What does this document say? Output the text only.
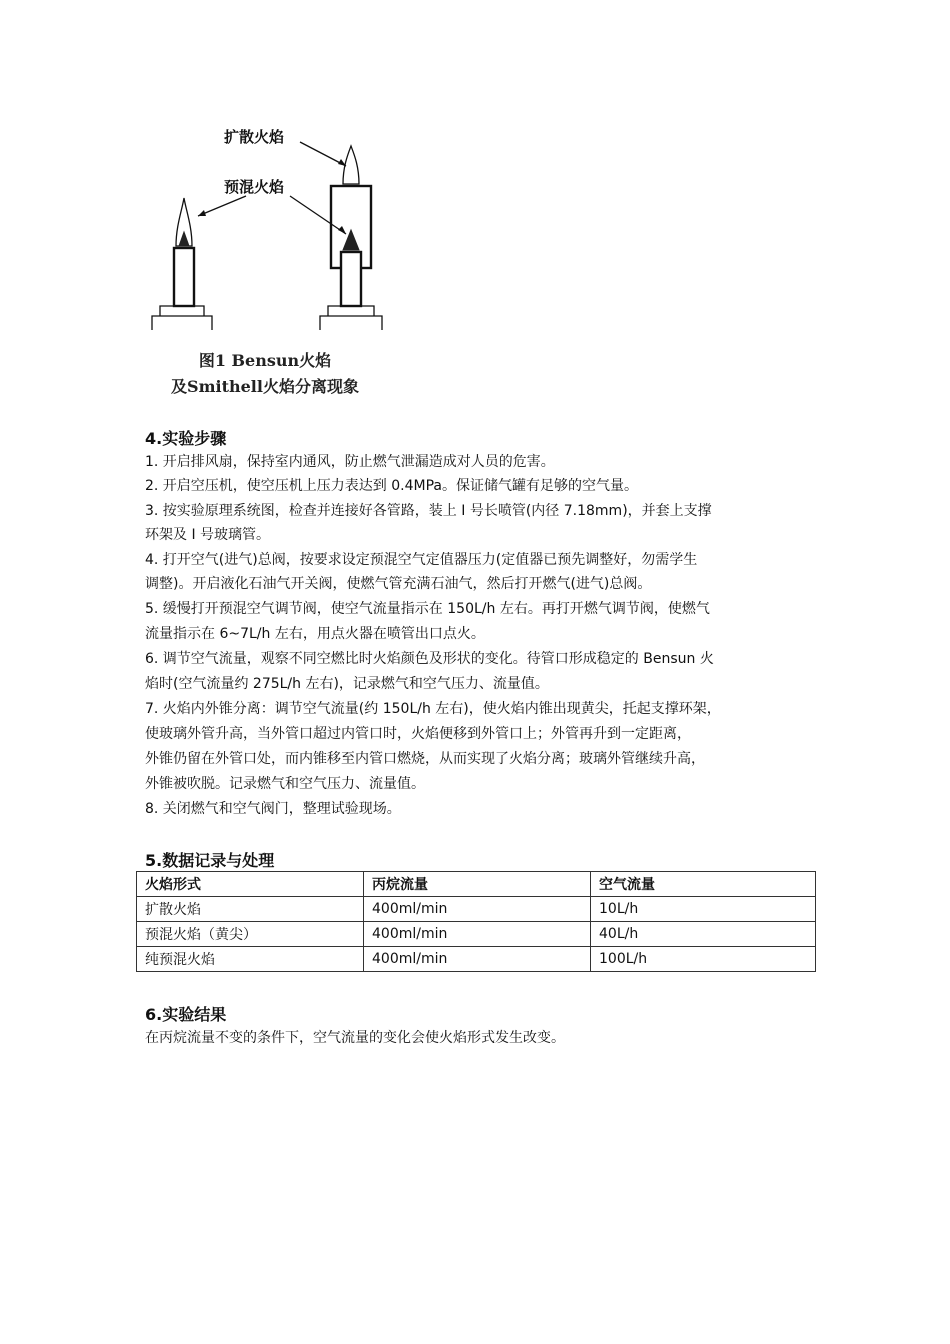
扩散火焰
预混火焰
图1 Bensun火焰
及Smithell火焰分离现象
4.实验步骤
1. 开启排风扇，保持室内通风，防止燃气泄漏造成对人员的危害。
2. 开启空压机，使空压机上压力表达到 0.4MPa。保证储气罐有足够的空气量。
3. 按实验原理系统图，检查并连接好各管路，装上 I 号长喷管(内径 7.18mm)，并套上支撑
环架及 I 号玻璃管。
4. 打开空气(进气)总阀，按要求设定预混空气定值器压力(定值器已预先调整好，勿需学生
调整)。开启液化石油气开关阀，使燃气管充满石油气，然后打开燃气(进气)总阀。
5. 缓慢打开预混空气调节阀，使空气流量指示在 150L/h 左右。再打开燃气调节阀，使燃气
流量指示在 6~7L/h 左右，用点火器在喷管出口点火。
6. 调节空气流量，观察不同空燃比时火焰颜色及形状的变化。待管口形成稳定的 Bensun 火
焰时(空气流量约 275L/h 左右)，记录燃气和空气压力、流量值。
7. 火焰内外锥分离：调节空气流量(约 150L/h 左右)，使火焰内锥出现黄尖，托起支撑环架，
使玻璃外管升高，当外管口超过内管口时，火焰便移到外管口上；外管再升到一定距离，
外锥仍留在外管口处，而内锥移至内管口燃烧，从而实现了火焰分离；玻璃外管继续升高，
外锥被吹脱。记录燃气和空气压力、流量值。
8. 关闭燃气和空气阀门，整理试验现场。
5.数据记录与处理
火焰形式	丙烷流量	空气流量
扩散火焰	400ml/min	10L/h
预混火焰（黄尖）	400ml/min	40L/h
纯预混火焰	400ml/min	100L/h
6.实验结果
在丙烷流量不变的条件下，空气流量的变化会使火焰形式发生改变。
